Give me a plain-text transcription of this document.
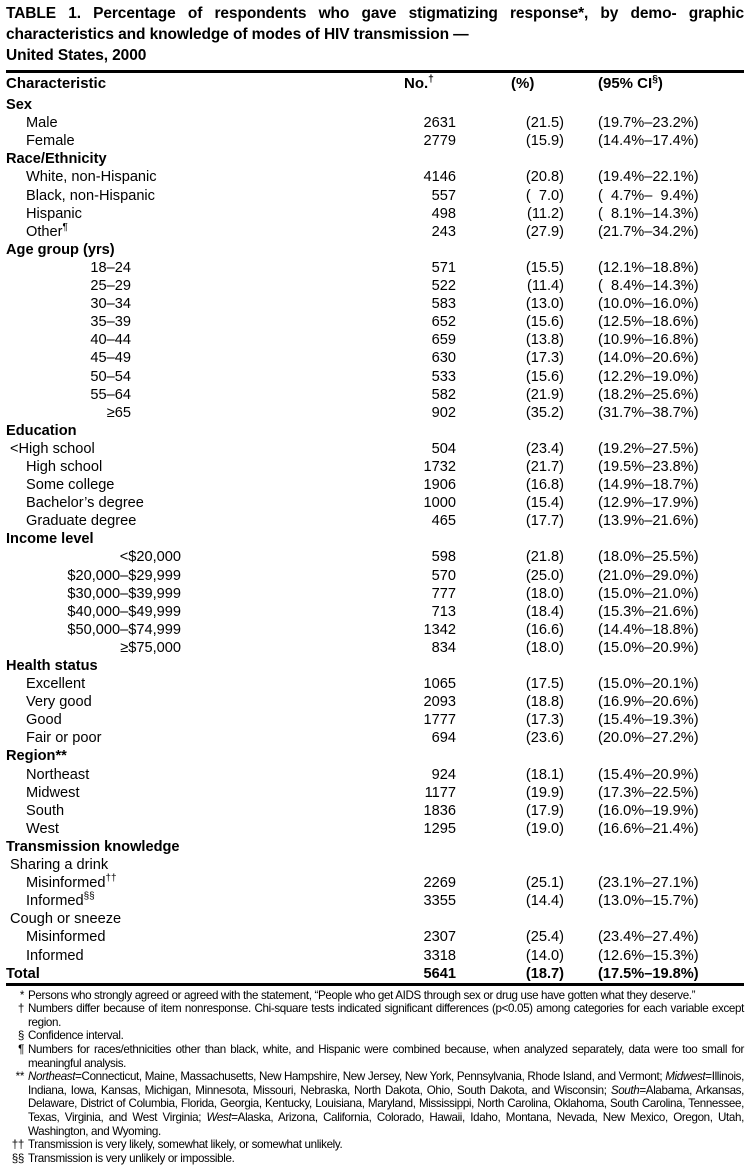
TABLE 1. Percentage of respondents who gave stigmatizing response*, by demo- graphic characteristics and knowledge of modes of HIV transmission —
United States, 2000
Characteristic	No.†	(%)	(95% CI§)
Sex			
Male	2631	(21.5)	(19.7%–23.2%)
Female	2779	(15.9)	(14.4%–17.4%)
Race/Ethnicity			
White, non-Hispanic	4146	(20.8)	(19.4%–22.1%)
Black, non-Hispanic	557	(  7.0)	(  4.7%–  9.4%)
Hispanic	498	(11.2)	(  8.1%–14.3%)
Other¶	243	(27.9)	(21.7%–34.2%)
Age group (yrs)			
18–24	571	(15.5)	(12.1%–18.8%)
25–29	522	(11.4)	(  8.4%–14.3%)
30–34	583	(13.0)	(10.0%–16.0%)
35–39	652	(15.6)	(12.5%–18.6%)
40–44	659	(13.8)	(10.9%–16.8%)
45–49	630	(17.3)	(14.0%–20.6%)
50–54	533	(15.6)	(12.2%–19.0%)
55–64	582	(21.9)	(18.2%–25.6%)
≥65	902	(35.2)	(31.7%–38.7%)
Education			
<High school	504	(23.4)	(19.2%–27.5%)
High school	1732	(21.7)	(19.5%–23.8%)
Some college	1906	(16.8)	(14.9%–18.7%)
Bachelor’s degree	1000	(15.4)	(12.9%–17.9%)
Graduate degree	465	(17.7)	(13.9%–21.6%)
Income level			
<$20,000	598	(21.8)	(18.0%–25.5%)
$20,000–$29,999	570	(25.0)	(21.0%–29.0%)
$30,000–$39,999	777	(18.0)	(15.0%–21.0%)
$40,000–$49,999	713	(18.4)	(15.3%–21.6%)
$50,000–$74,999	1342	(16.6)	(14.4%–18.8%)
≥$75,000	834	(18.0)	(15.0%–20.9%)
Health status			
Excellent	1065	(17.5)	(15.0%–20.1%)
Very good	2093	(18.8)	(16.9%–20.6%)
Good	1777	(17.3)	(15.4%–19.3%)
Fair or poor	694	(23.6)	(20.0%–27.2%)
Region**			
Northeast	924	(18.1)	(15.4%–20.9%)
Midwest	1177	(19.9)	(17.3%–22.5%)
South	1836	(17.9)	(16.0%–19.9%)
West	1295	(19.0)	(16.6%–21.4%)
Transmission knowledge			
Sharing a drink			
Misinformed††	2269	(25.1)	(23.1%–27.1%)
Informed§§	3355	(14.4)	(13.0%–15.7%)
Cough or sneeze			
Misinformed	2307	(25.4)	(23.4%–27.4%)
Informed	3318	(14.0)	(12.6%–15.3%)
Total	5641	(18.7)	(17.5%–19.8%)
* Persons who strongly agreed or agreed with the statement, “People who get AIDS through sex or drug use have gotten what they deserve.”
† Numbers differ because of item nonresponse. Chi-square tests indicated significant differences (p<0.05) among categories for each variable except region.
§ Confidence interval.
¶ Numbers for races/ethnicities other than black, white, and Hispanic were combined because, when analyzed separately, data were too small for meaningful analysis.
** Northeast=Connecticut, Maine, Massachusetts, New Hampshire, New Jersey, New York, Pennsylvania, Rhode Island, and Vermont; Midwest=Illinois, Indiana, Iowa, Kansas, Michigan, Minnesota, Missouri, Nebraska, North Dakota, Ohio, South Dakota, and Wisconsin; South=Alabama, Arkansas, Delaware, District of Columbia, Florida, Georgia, Kentucky, Louisiana, Maryland, Mississippi, North Carolina, Oklahoma, South Carolina, Tennessee, Texas, Virginia, and West Virginia; West=Alaska, Arizona, California, Colorado, Hawaii, Idaho, Montana, Nevada, New Mexico, Oregon, Utah, Washington, and Wyoming.
†† Transmission is very likely, somewhat likely, or somewhat unlikely.
§§ Transmission is very unlikely or impossible.
